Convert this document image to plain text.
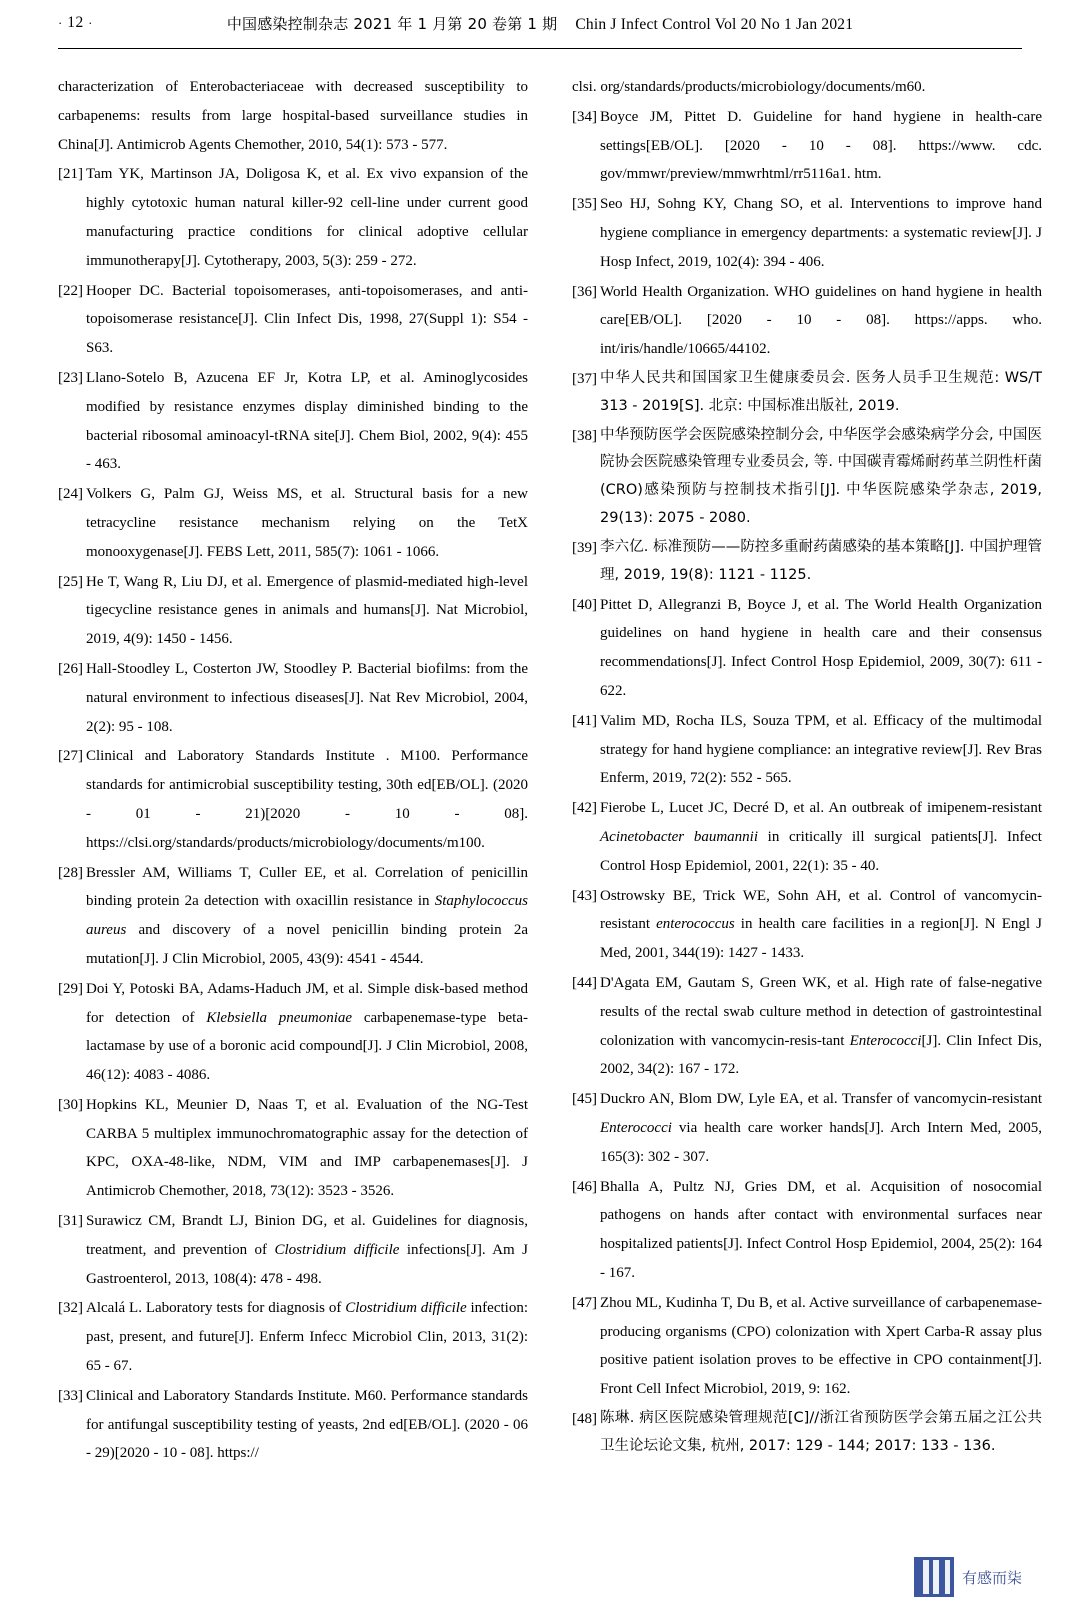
· 12 ·	中国感染控制杂志 2021 年 1 月第 20 卷第 1 期 Chin J Infect Control Vol 20 No 1 Jan 2021
characterization of Enterobacteriaceae with decreased susceptibility to carbapenems: results from large hospital-based surveillance studies in China[J]. Antimicrob Agents Chemother, 2010, 54(1): 573 - 577.
[21] Tam YK, Martinson JA, Doligosa K, et al. Ex vivo expansion of the highly cytotoxic human natural killer-92 cell-line under current good manufacturing practice conditions for clinical adoptive cellular immunotherapy[J]. Cytotherapy, 2003, 5(3): 259 - 272.
[22] Hooper DC. Bacterial topoisomerases, anti-topoisomerases, and anti-topoisomerase resistance[J]. Clin Infect Dis, 1998, 27(Suppl 1): S54 - S63.
[23] Llano-Sotelo B, Azucena EF Jr, Kotra LP, et al. Aminoglycosides modified by resistance enzymes display diminished binding to the bacterial ribosomal aminoacyl-tRNA site[J]. Chem Biol, 2002, 9(4): 455 - 463.
[24] Volkers G, Palm GJ, Weiss MS, et al. Structural basis for a new tetracycline resistance mechanism relying on the TetX monooxygenase[J]. FEBS Lett, 2011, 585(7): 1061 - 1066.
[25] He T, Wang R, Liu DJ, et al. Emergence of plasmid-mediated high-level tigecycline resistance genes in animals and humans[J]. Nat Microbiol, 2019, 4(9): 1450 - 1456.
[26] Hall-Stoodley L, Costerton JW, Stoodley P. Bacterial biofilms: from the natural environment to infectious diseases[J]. Nat Rev Microbiol, 2004, 2(2): 95 - 108.
[27] Clinical and Laboratory Standards Institute . M100. Performance standards for antimicrobial susceptibility testing, 30th ed[EB/OL]. (2020 - 01 - 21)[2020 - 10 - 08]. https://clsi.org/standards/products/microbiology/documents/m100.
[28] Bressler AM, Williams T, Culler EE, et al. Correlation of penicillin binding protein 2a detection with oxacillin resistance in Staphylococcus aureus and discovery of a novel penicillin binding protein 2a mutation[J]. J Clin Microbiol, 2005, 43(9): 4541 - 4544.
[29] Doi Y, Potoski BA, Adams-Haduch JM, et al. Simple disk-based method for detection of Klebsiella pneumoniae carbapenemase-type beta-lactamase by use of a boronic acid compound[J]. J Clin Microbiol, 2008, 46(12): 4083 - 4086.
[30] Hopkins KL, Meunier D, Naas T, et al. Evaluation of the NG-Test CARBA 5 multiplex immunochromatographic assay for the detection of KPC, OXA-48-like, NDM, VIM and IMP carbapenemases[J]. J Antimicrob Chemother, 2018, 73(12): 3523 - 3526.
[31] Surawicz CM, Brandt LJ, Binion DG, et al. Guidelines for diagnosis, treatment, and prevention of Clostridium difficile infections[J]. Am J Gastroenterol, 2013, 108(4): 478 - 498.
[32] Alcalá L. Laboratory tests for diagnosis of Clostridium difficile infection: past, present, and future[J]. Enferm Infecc Microbiol Clin, 2013, 31(2): 65 - 67.
[33] Clinical and Laboratory Standards Institute. M60. Performance standards for antifungal susceptibility testing of yeasts, 2nd ed[EB/OL]. (2020 - 06 - 29)[2020 - 10 - 08]. https://
clsi. org/standards/products/microbiology/documents/m60.
[34] Boyce JM, Pittet D. Guideline for hand hygiene in health-care settings[EB/OL]. [2020 - 10 - 08]. https://www. cdc. gov/mmwr/preview/mmwrhtml/rr5116a1. htm.
[35] Seo HJ, Sohng KY, Chang SO, et al. Interventions to improve hand hygiene compliance in emergency departments: a systematic review[J]. J Hosp Infect, 2019, 102(4): 394 - 406.
[36] World Health Organization. WHO guidelines on hand hygiene in health care[EB/OL]. [2020 - 10 - 08]. https://apps. who. int/iris/handle/10665/44102.
[37] 中华人民共和国国家卫生健康委员会. 医务人员手卫生规范: WS/T 313 - 2019[S]. 北京: 中国标准出版社, 2019.
[38] 中华预防医学会医院感染控制分会, 中华医学会感染病学分会, 中国医院协会医院感染管理专业委员会, 等. 中国碳青霉烯耐药革兰阴性杆菌(CRO)感染预防与控制技术指引[J]. 中华医院感染学杂志, 2019, 29(13): 2075 - 2080.
[39] 李六亿. 标准预防——防控多重耐药菌感染的基本策略[J]. 中国护理管理, 2019, 19(8): 1121 - 1125.
[40] Pittet D, Allegranzi B, Boyce J, et al. The World Health Organization guidelines on hand hygiene in health care and their consensus recommendations[J]. Infect Control Hosp Epidemiol, 2009, 30(7): 611 - 622.
[41] Valim MD, Rocha ILS, Souza TPM, et al. Efficacy of the multimodal strategy for hand hygiene compliance: an integrative review[J]. Rev Bras Enferm, 2019, 72(2): 552 - 565.
[42] Fierobe L, Lucet JC, Decré D, et al. An outbreak of imipenem-resistant Acinetobacter baumannii in critically ill surgical patients[J]. Infect Control Hosp Epidemiol, 2001, 22(1): 35 - 40.
[43] Ostrowsky BE, Trick WE, Sohn AH, et al. Control of vancomycin-resistant enterococcus in health care facilities in a region[J]. N Engl J Med, 2001, 344(19): 1427 - 1433.
[44] D'Agata EM, Gautam S, Green WK, et al. High rate of false-negative results of the rectal swab culture method in detection of gastrointestinal colonization with vancomycin-resis-tant Enterococci[J]. Clin Infect Dis, 2002, 34(2): 167 - 172.
[45] Duckro AN, Blom DW, Lyle EA, et al. Transfer of vancomycin-resistant Enterococci via health care worker hands[J]. Arch Intern Med, 2005, 165(3): 302 - 307.
[46] Bhalla A, Pultz NJ, Gries DM, et al. Acquisition of nosocomial pathogens on hands after contact with environmental surfaces near hospitalized patients[J]. Infect Control Hosp Epidemiol, 2004, 25(2): 164 - 167.
[47] Zhou ML, Kudinha T, Du B, et al. Active surveillance of carbapenemase-producing organisms (CPO) colonization with Xpert Carba-R assay plus positive patient isolation proves to be effective in CPO containment[J]. Front Cell Infect Microbiol, 2019, 9: 162.
[48] 陈琳. 病区医院感染管理规范[C]//浙江省预防医学会第五届之江公共卫生论坛论文集, 杭州, 2017: 129 - 144; 2017: 133 - 136.
有感而柒
